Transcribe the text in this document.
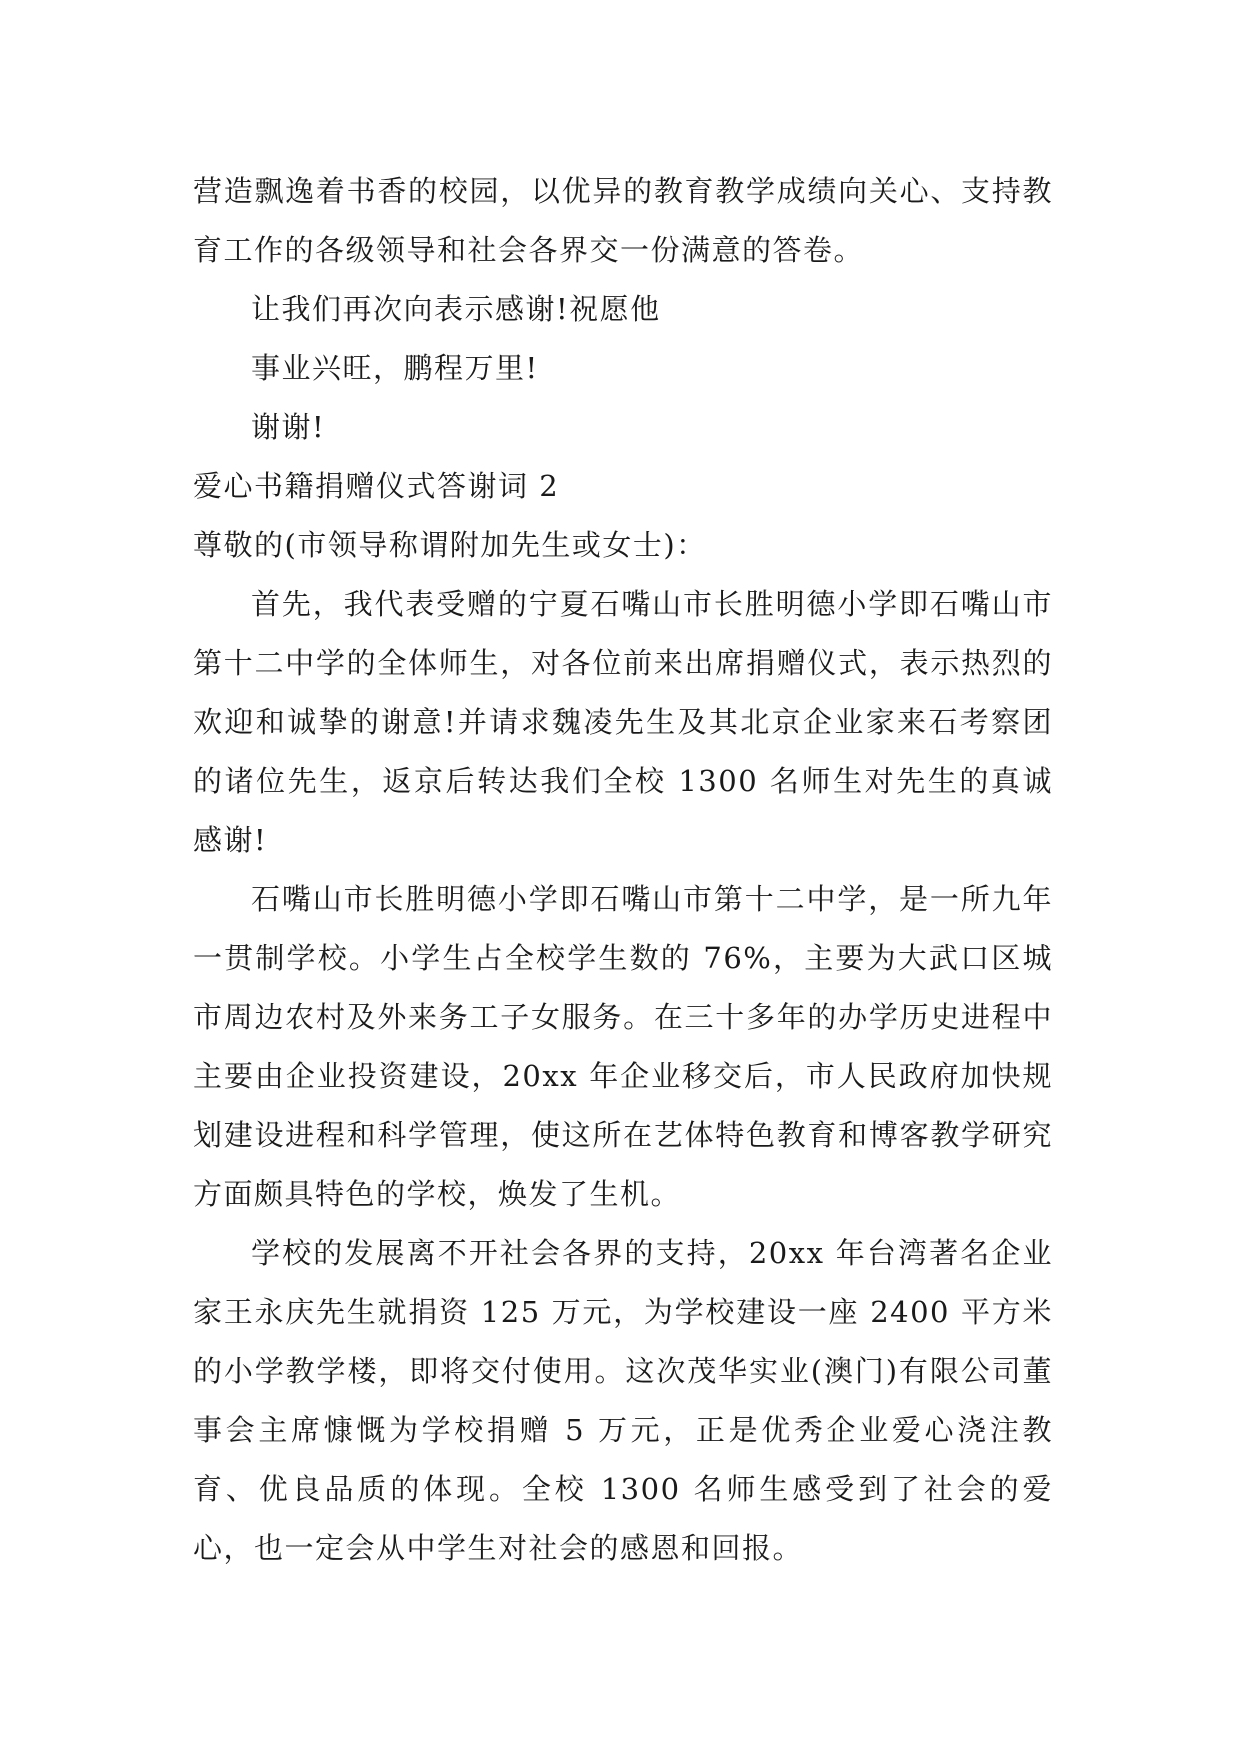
营造飘逸着书香的校园，以优异的教育教学成绩向关心、支持教育工作的各级领导和社会各界交一份满意的答卷。

让我们再次向表示感谢!祝愿他

事业兴旺，鹏程万里!

谢谢!

爱心书籍捐赠仪式答谢词 2

尊敬的(市领导称谓附加先生或女士)：

首先，我代表受赠的宁夏石嘴山市长胜明德小学即石嘴山市第十二中学的全体师生，对各位前来出席捐赠仪式，表示热烈的欢迎和诚挚的谢意!并请求魏凌先生及其北京企业家来石考察团的诸位先生，返京后转达我们全校 1300 名师生对先生的真诚感谢!

石嘴山市长胜明德小学即石嘴山市第十二中学，是一所九年一贯制学校。小学生占全校学生数的 76%，主要为大武口区城市周边农村及外来务工子女服务。在三十多年的办学历史进程中主要由企业投资建设，20xx 年企业移交后，市人民政府加快规划建设进程和科学管理，使这所在艺体特色教育和博客教学研究方面颇具特色的学校，焕发了生机。

学校的发展离不开社会各界的支持，20xx 年台湾著名企业家王永庆先生就捐资 125 万元，为学校建设一座 2400 平方米的小学教学楼，即将交付使用。这次茂华实业(澳门)有限公司董事会主席慷慨为学校捐赠 5 万元，正是优秀企业爱心浇注教育、优良品质的体现。全校 1300 名师生感受到了社会的爱心，也一定会从中学生对社会的感恩和回报。
